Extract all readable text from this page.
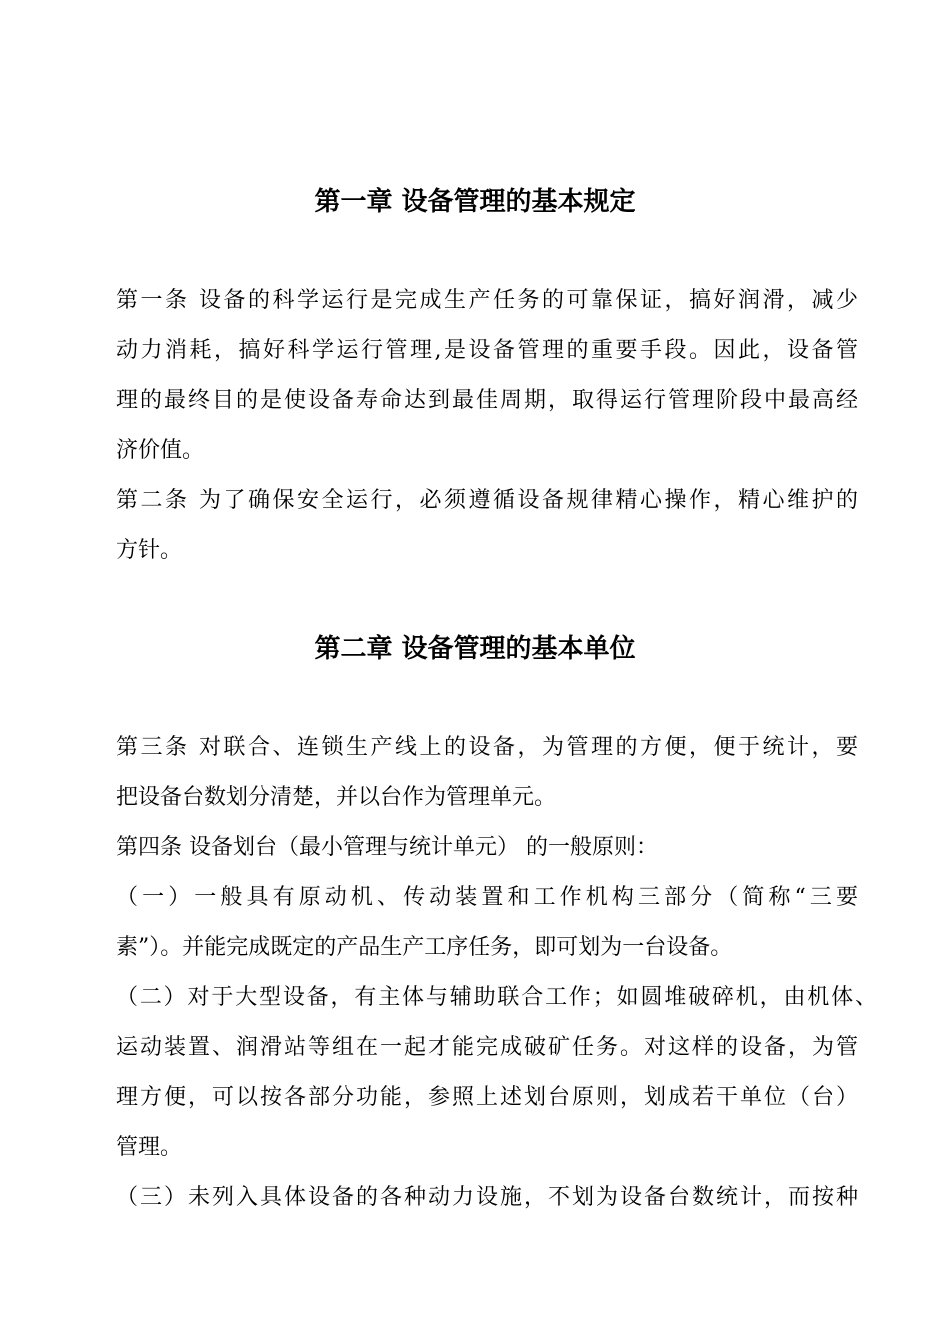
第一章 设备管理的基本规定

第一条 设备的科学运行是完成生产任务的可靠保证，搞好润滑，减少

动力消耗，搞好科学运行管理,是设备管理的重要手段。因此，设备管

理的最终目的是使设备寿命达到最佳周期，取得运行管理阶段中最高经

济价值。

第二条 为了确保安全运行，必须遵循设备规律精心操作，精心维护的

方针。

第二章 设备管理的基本单位

第三条 对联合、连锁生产线上的设备，为管理的方便，便于统计，要

把设备台数划分清楚，并以台作为管理单元。

第四条 设备划台（最小管理与统计单元） 的一般原则：

（一）一般具有原动机、传动装置和工作机构三部分（简称“三要

素”）。并能完成既定的产品生产工序任务，即可划为一台设备。

（二）对于大型设备，有主体与辅助联合工作；如圆堆破碎机，由机体、

运动装置、润滑站等组在一起才能完成破矿任务。对这样的设备，为管

理方便，可以按各部分功能，参照上述划台原则，划成若干单位（台）

管理。

（三）未列入具体设备的各种动力设施，不划为设备台数统计，而按种
